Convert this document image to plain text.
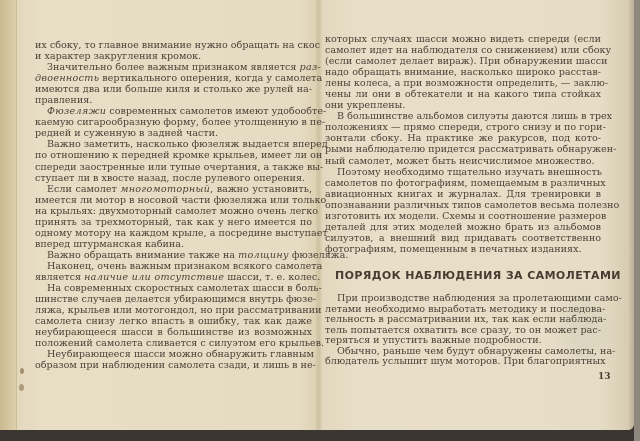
их сбоку, то главное внимание нужно обращать на скос
и характер закругления кромок.
Значительно более важным признаком является раз-
двоенность вертикального оперения, когда у самолета
имеются два или больше киля и столько же рулей на-
правления.
Фюзеляжи современных самолетов имеют удобообте-
каемую сигарообразную форму, более утолщенную в пе-
редней и суженную в задней части.
Важно заметить, насколько фюзеляж выдается вперед
по отношению к передней кромке крыльев, имеет ли он
спереди заостренные или тупые очертания, а также вы-
ступает ли в хвосте назад, после рулевого оперения.
Если самолет многомоторный, важно установить,
имеется ли мотор в носовой части фюзеляжа или только
на крыльях: двухмоторный самолет можно очень легко
принять за трехмоторный, так как у него имеется по
одному мотору на каждом крыле, а посредине выступает
вперед штурманская кабина.
Важно обращать внимание также на толщину фюзеляжа.
Наконец, очень важным признаком всякого самолета
является наличие или отсутствие шасси, т. е. колес.
На современных скоростных самолетах шасси в боль-
шинстве случаев делается убирающимся внутрь фюзе-
ляжа, крыльев или мотогондол, но при рассматривании
самолета снизу легко впасть в ошибку, так как даже
неубирающееся шасси в большинстве из возможных
положений самолета сливается с силуэтом его крыльев.
Неубирающееся шасси можно обнаружить главным
образом при наблюдении самолета сзади, и лишь в не-
которых случаях шасси можно видеть спереди (если
самолет идет на наблюдателя со снижением) или сбоку
(если самолет делает вираж). При обнаружении шасси
надо обращать внимание, насколько широко расстав-
лены колеса, а при возможности определить, — заклю-
чены ли они в обтекатели и на какого типа стойках
они укреплены.
В большинстве альбомов силуэты даются лишь в трех
положениях — прямо спереди, строго снизу и по гори-
зонтали сбоку. На практике же ракурсов, под кото-
рыми наблюдателю придется рассматривать обнаружен-
ный самолет, может быть неисчислимое множество.
Поэтому необходимо тщательно изучать внешность
самолетов по фотографиям, помещаемым в различных
авиационных книгах и журналах. Для тренировки в
опознавании различных типов самолетов весьма полезно
изготовить их модели. Схемы и соотношение размеров
деталей для этих моделей можно брать из альбомов
силуэтов, а внешний вид придавать соответственно
фотографиям, помещенным в печатных изданиях.
ПОРЯДОК НАБЛЮДЕНИЯ ЗА САМОЛЕТАМИ
При производстве наблюдения за пролетающими само-
летами необходимо выработать методику и последова-
тельность в рассматривании их, так как если наблюда-
тель попытается охватить все сразу, то он может рас-
теряться и упустить важные подробности.
Обычно, раньше чем будут обнаружены самолеты, на-
блюдатель услышит шум моторов. При благоприятных
13
